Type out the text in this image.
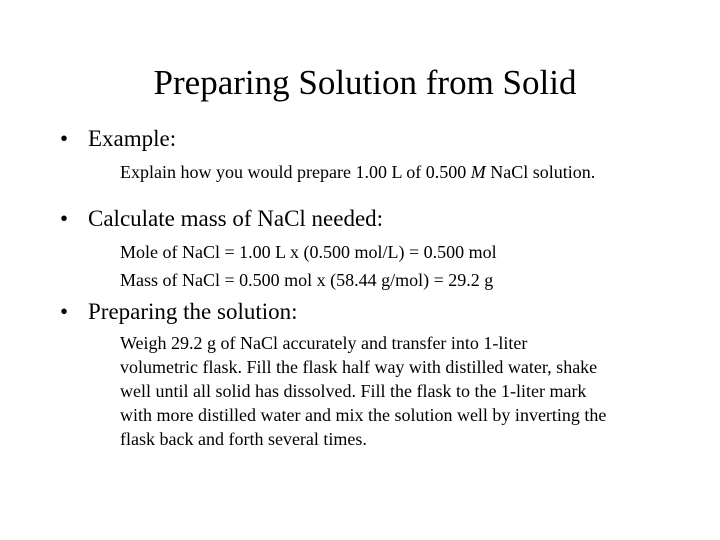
Preparing Solution from Solid
• Example:
Explain how you would prepare 1.00 L of 0.500 M NaCl solution.
• Calculate mass of NaCl needed:
Mole of NaCl = 1.00 L x (0.500 mol/L) = 0.500 mol
Mass of NaCl = 0.500 mol x (58.44 g/mol) = 29.2 g
• Preparing the solution:
Weigh 29.2 g of NaCl accurately and transfer into 1-liter
volumetric flask. Fill the flask half way with distilled water, shake
well until all solid has dissolved. Fill the flask to the 1-liter mark
with more distilled water and mix the solution well by inverting the
flask back and forth several times.
